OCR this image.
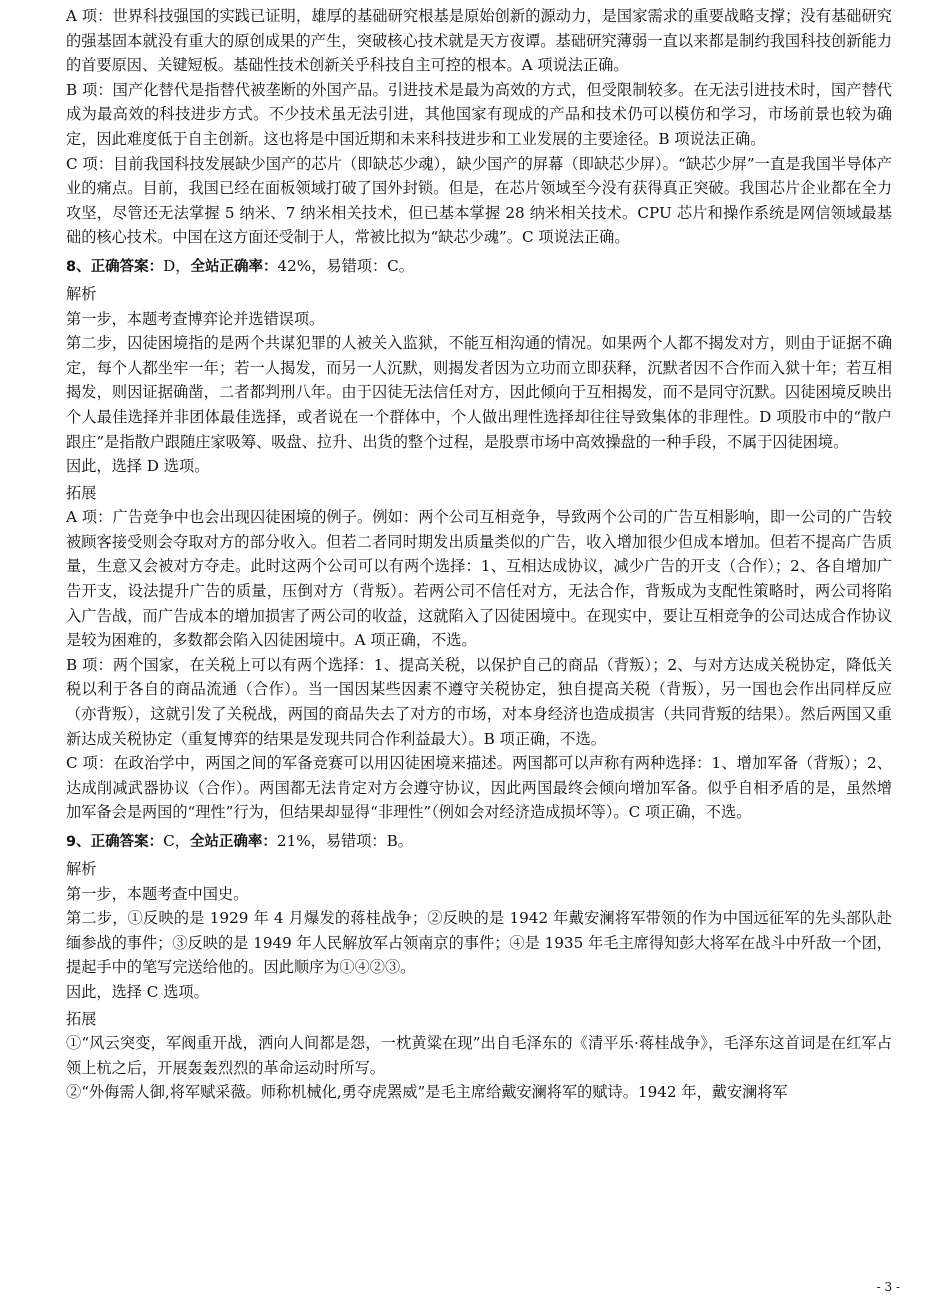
A 项：世界科技强国的实践已证明，雄厚的基础研究根基是原始创新的源动力，是国家需求的重要战略支撑；没有基础研究的强基固本就没有重大的原创成果的产生，突破核心技术就是天方夜谭。基础研究薄弱一直以来都是制约我国科技创新能力的首要原因、关键短板。基础性技术创新关乎科技自主可控的根本。A 项说法正确。

B 项：国产化替代是指替代被垄断的外国产品。引进技术是最为高效的方式，但受限制较多。在无法引进技术时，国产替代成为最高效的科技进步方式。不少技术虽无法引进，其他国家有现成的产品和技术仍可以模仿和学习，市场前景也较为确定，因此难度低于自主创新。这也将是中国近期和未来科技进步和工业发展的主要途径。B 项说法正确。

C 项：目前我国科技发展缺少国产的芯片（即缺芯少魂），缺少国产的屏幕（即缺芯少屏）。“缺芯少屏”一直是我国半导体产业的痛点。目前，我国已经在面板领域打破了国外封锁。但是，在芯片领域至今没有获得真正突破。我国芯片企业都在全力攻坚，尽管还无法掌握 5 纳米、7 纳米相关技术，但已基本掌握 28 纳米相关技术。CPU 芯片和操作系统是网信领域最基础的核心技术。中国在这方面还受制于人，常被比拟为“缺芯少魂”。C 项说法正确。

8、正确答案：D，全站正确率：42%，易错项：C。

解析

第一步，本题考查博弈论并选错误项。

第二步，囚徒困境指的是两个共谋犯罪的人被关入监狱，不能互相沟通的情况。如果两个人都不揭发对方，则由于证据不确定，每个人都坐牢一年；若一人揭发，而另一人沉默，则揭发者因为立功而立即获释，沉默者因不合作而入狱十年；若互相揭发，则因证据确凿，二者都判刑八年。由于囚徒无法信任对方，因此倾向于互相揭发，而不是同守沉默。囚徒困境反映出个人最佳选择并非团体最佳选择，或者说在一个群体中，个人做出理性选择却往往导致集体的非理性。D 项股市中的“散户跟庄”是指散户跟随庄家吸筹、吸盘、拉升、出货的整个过程，是股票市场中高效操盘的一种手段，不属于囚徒困境。

因此，选择 D 选项。

拓展

A 项：广告竞争中也会出现囚徒困境的例子。例如：两个公司互相竞争，导致两个公司的广告互相影响，即一公司的广告较被顾客接受则会夺取对方的部分收入。但若二者同时期发出质量类似的广告，收入增加很少但成本增加。但若不提高广告质量，生意又会被对方夺走。此时这两个公司可以有两个选择：1、互相达成协议，减少广告的开支（合作）；2、各自增加广告开支，设法提升广告的质量，压倒对方（背叛）。若两公司不信任对方，无法合作，背叛成为支配性策略时，两公司将陷入广告战，而广告成本的增加损害了两公司的收益，这就陷入了囚徒困境中。在现实中，要让互相竞争的公司达成合作协议是较为困难的，多数都会陷入囚徒困境中。A 项正确，不选。

B 项：两个国家，在关税上可以有两个选择：1、提高关税，以保护自己的商品（背叛）；2、与对方达成关税协定，降低关税以利于各自的商品流通（合作）。当一国因某些因素不遵守关税协定，独自提高关税（背叛），另一国也会作出同样反应（亦背叛），这就引发了关税战，两国的商品失去了对方的市场，对本身经济也造成损害（共同背叛的结果）。然后两国又重新达成关税协定（重复博弈的结果是发现共同合作利益最大）。B 项正确，不选。

C 项：在政治学中，两国之间的军备竞赛可以用囚徒困境来描述。两国都可以声称有两种选择：1、增加军备（背叛）；2、达成削减武器协议（合作）。两国都无法肯定对方会遵守协议，因此两国最终会倾向增加军备。似乎自相矛盾的是，虽然增加军备会是两国的“理性”行为，但结果却显得“非理性”（例如会对经济造成损坏等）。C 项正确，不选。

9、正确答案：C，全站正确率：21%，易错项：B。

解析

第一步，本题考查中国史。

第二步，①反映的是 1929 年 4 月爆发的蒋桂战争；②反映的是 1942 年戴安澜将军带领的作为中国远征军的先头部队赴缅参战的事件；③反映的是 1949 年人民解放军占领南京的事件；④是 1935 年毛主席得知彭大将军在战斗中歼敌一个团，提起手中的笔写完送给他的。因此顺序为①④②③。

因此，选择 C 选项。

拓展

①“风云突变，军阀重开战，洒向人间都是怨，一枕黄粱在现”出自毛泽东的《清平乐·蒋桂战争》，毛泽东这首词是在红军占领上杭之后，开展轰轰烈烈的革命运动时所写。

②“外侮需人御,将军赋采薇。师称机械化,勇夺虎罴威”是毛主席给戴安澜将军的赋诗。1942 年，戴安澜将军

- 3 -
